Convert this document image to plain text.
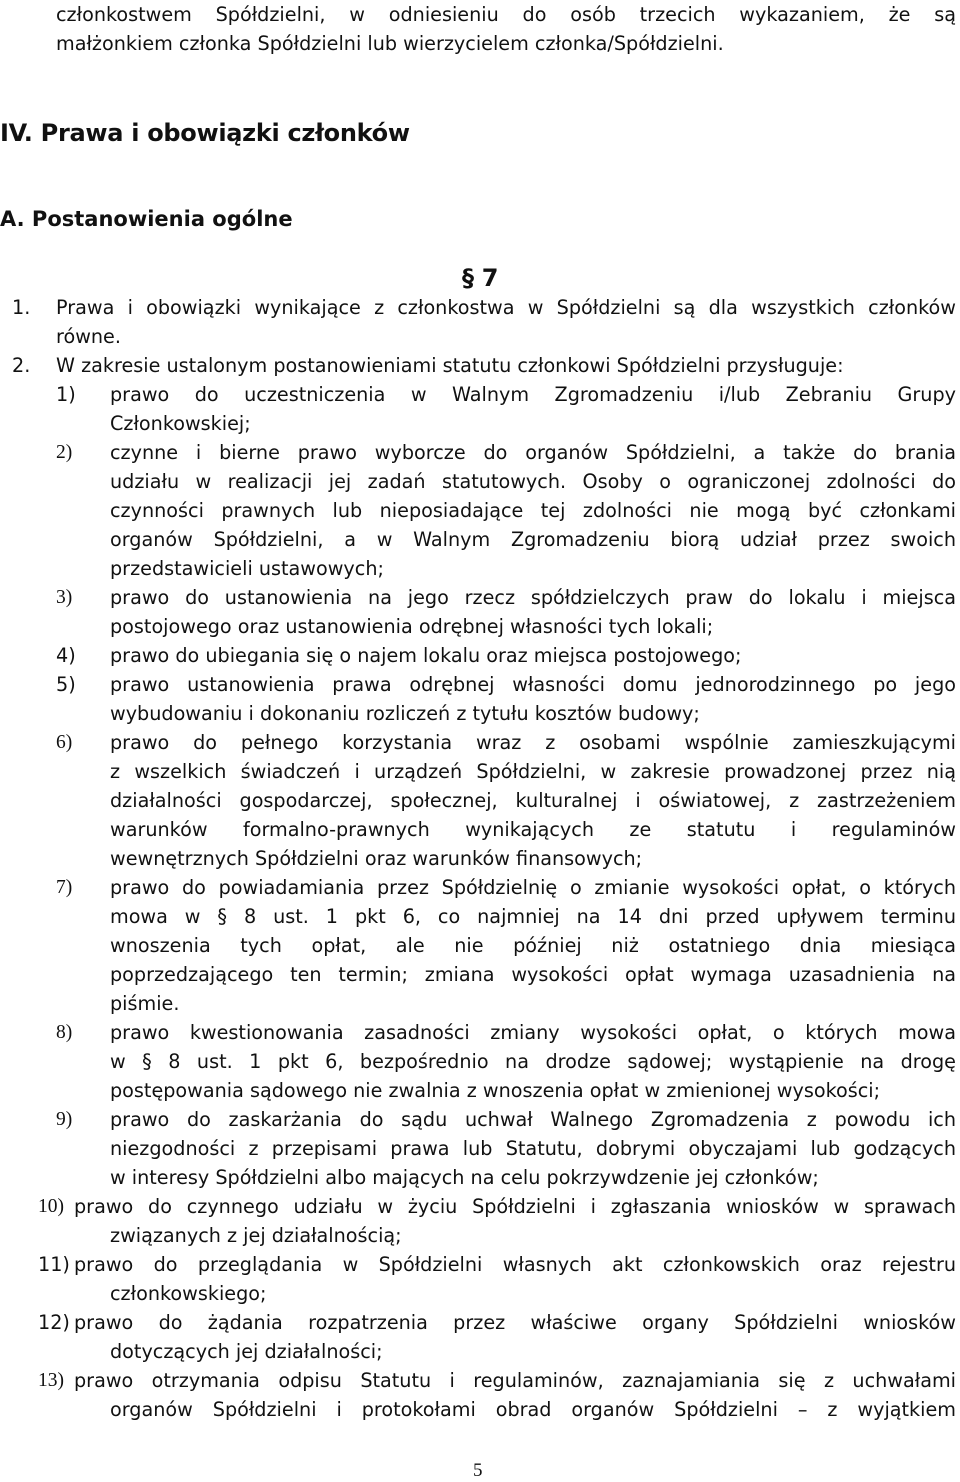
członkostwem Spółdzielni, w odniesieniu do osób trzecich wykazaniem, że są
małżonkiem członka Spółdzielni lub wierzycielem członka/Spółdzielni.
IV. Prawa i obowiązki członków
A. Postanowienia ogólne
§ 7
1. Prawa i obowiązki wynikające z członkostwa w Spółdzielni są dla wszystkich członków
równe.
2. W zakresie ustalonym postanowieniami statutu członkowi Spółdzielni przysługuje:
1) prawo do uczestniczenia w Walnym Zgromadzeniu i/lub Zebraniu Grupy
Członkowskiej;
2) czynne i bierne prawo wyborcze do organów Spółdzielni, a także do brania
udziału w realizacji jej zadań statutowych. Osoby o ograniczonej zdolności do
czynności prawnych lub nieposiadające tej zdolności nie mogą być członkami
organów Spółdzielni, a w Walnym Zgromadzeniu biorą udział przez swoich
przedstawicieli ustawowych;
3) prawo do ustanowienia na jego rzecz spółdzielczych praw do lokalu i miejsca
postojowego oraz ustanowienia odrębnej własności tych lokali;
4) prawo do ubiegania się o najem lokalu oraz miejsca postojowego;
5) prawo ustanowienia prawa odrębnej własności domu jednorodzinnego po jego
wybudowaniu i dokonaniu rozliczeń z tytułu kosztów budowy;
6) prawo do pełnego korzystania wraz z osobami wspólnie zamieszkującymi
z wszelkich świadczeń i urządzeń Spółdzielni, w zakresie prowadzonej przez nią
działalności gospodarczej, społecznej, kulturalnej i oświatowej, z zastrzeżeniem
warunków formalno-prawnych wynikających ze statutu i regulaminów
wewnętrznych Spółdzielni oraz warunków finansowych;
7) prawo do powiadamiania przez Spółdzielnię o zmianie wysokości opłat, o których
mowa w § 8 ust. 1 pkt 6, co najmniej na 14 dni przed upływem terminu
wnoszenia tych opłat, ale nie później niż ostatniego dnia miesiąca
poprzedzającego ten termin; zmiana wysokości opłat wymaga uzasadnienia na
piśmie.
8) prawo kwestionowania zasadności zmiany wysokości opłat, o których mowa
w § 8 ust. 1 pkt 6, bezpośrednio na drodze sądowej; wystąpienie na drogę
postępowania sądowego nie zwalnia z wnoszenia opłat w zmienionej wysokości;
9) prawo do zaskarżania do sądu uchwał Walnego Zgromadzenia z powodu ich
niezgodności z przepisami prawa lub Statutu, dobrymi obyczajami lub godzących
w interesy Spółdzielni albo mających na celu pokrzywdzenie jej członków;
10) prawo do czynnego udziału w życiu Spółdzielni i zgłaszania wniosków w sprawach
związanych z jej działalnością;
11) prawo do przeglądania w Spółdzielni własnych akt członkowskich oraz rejestru
członkowskiego;
12) prawo do żądania rozpatrzenia przez właściwe organy Spółdzielni wniosków
dotyczących jej działalności;
13) prawo otrzymania odpisu Statutu i regulaminów, zaznajamiania się z uchwałami
organów Spółdzielni i protokołami obrad organów Spółdzielni – z wyjątkiem
5
